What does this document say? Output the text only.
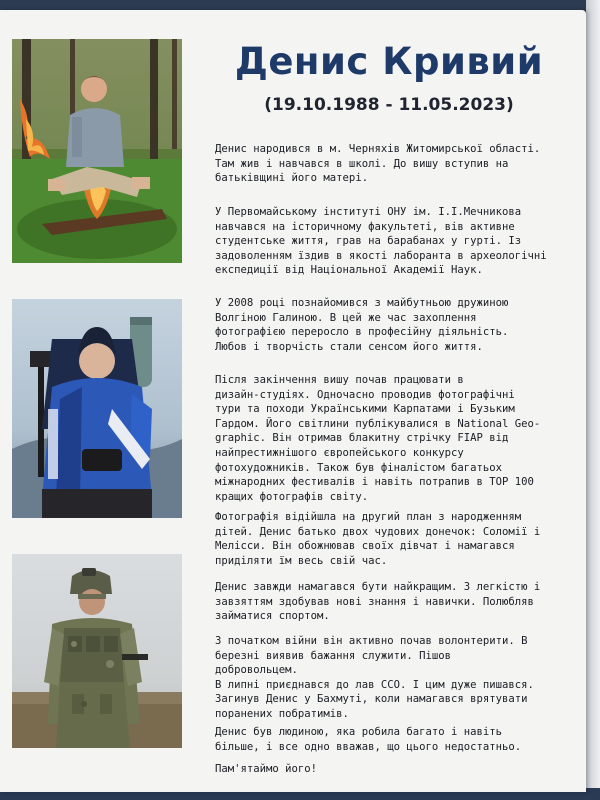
Денис Кривий

(19.10.1988 - 11.05.2023)

Денис народився в м. Черняхів Житомирської області.
Там жив і навчався в школі. До вишу вступив на
батьківщині його матері.

У Первомайському інституті ОНУ ім. І.І.Мечникова
навчався на історичному факультеті, вів активне
студентське життя, грав на барабанах у гурті. Із
задоволенням їздив в якості лаборанта в археологічні
експедиції від Національної Академії Наук.

У 2008 році познайомився з майбутньою дружиною
Волгіною Галиною. В цей же час захоплення
фотографією переросло в професійну діяльність.
Любов і творчість стали сенсом його життя.

Після закінчення вишу почав працювати в
дизайн-студіях. Одночасно проводив фотографічні
тури та походи Українськими Карпатами і Бузьким
Гардом. Його світлини публікувалися в National Geo-
graphic. Він отримав блакитну стрічку FIAP від
найпрестижнішого європейського конкурсу
фотохудожників. Також був фіналістом багатьох
міжнародних фестивалів і навіть потрапив в TOP 100
кращих фотографів світу.

Фотографія відійшла на другий план з народженням
дітей. Денис батько двох чудових донечок: Соломії і
Мелісси. Він обожнював своїх дівчат і намагався
приділяти їм весь свій час.

Денис завжди намагався бути найкращим. З легкістю і
завзяттям здобував нові знання і навички. Полюбляв
займатися спортом.

З початком війни він активно почав волонтерити. В
березні виявив бажання служити. Пішов
добровольцем.
В липні приєднався до лав ССО. І цим дуже пишався.
Загинув Денис у Бахмуті, коли намагався врятувати
поранених побратимів.

Денис був людиною, яка робила багато і навіть
більше, і все одно вважав, що цього недостатньо.

Пам'ятаймо його!
